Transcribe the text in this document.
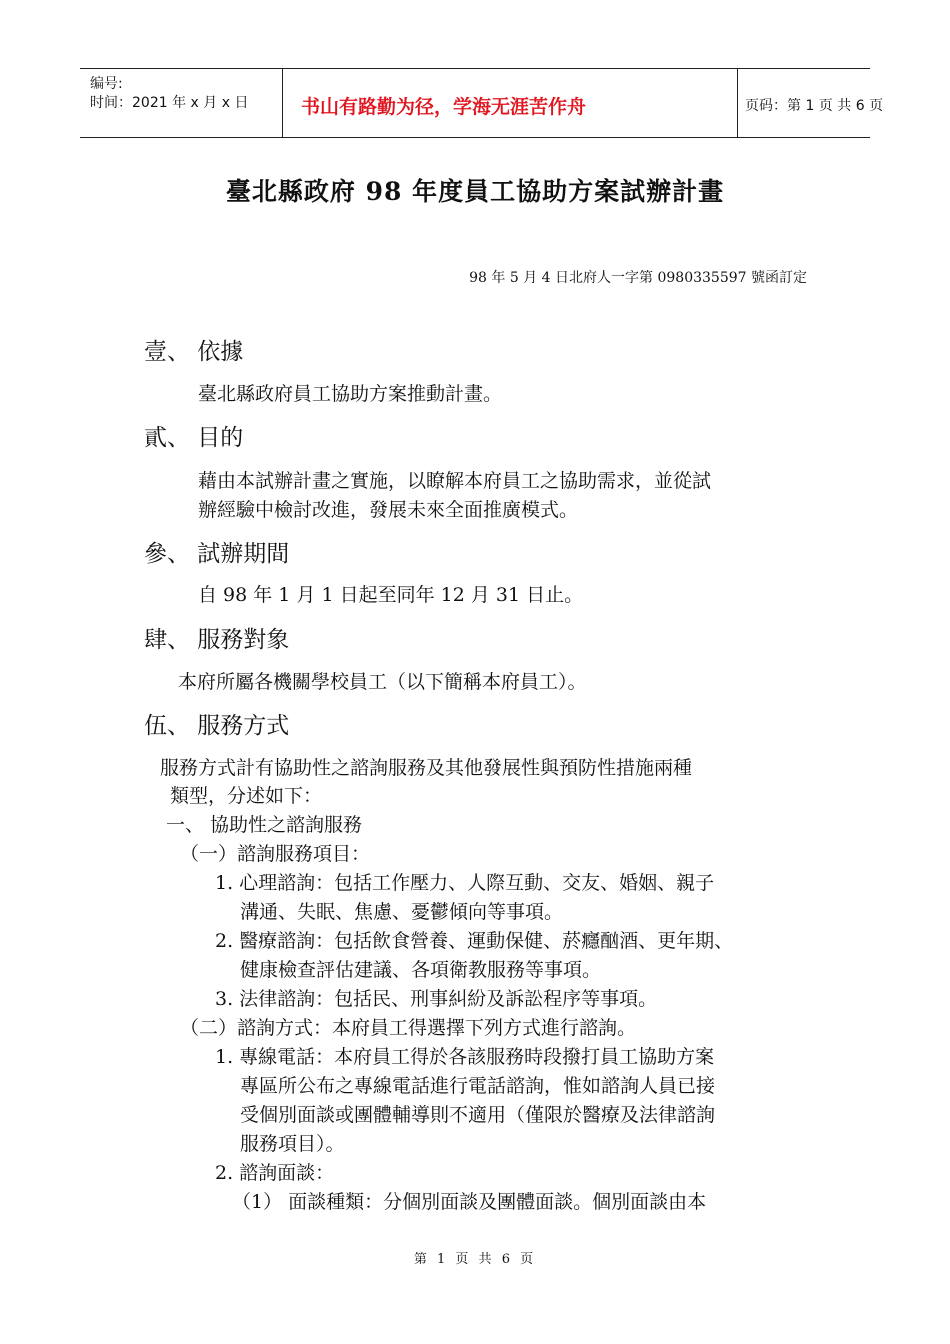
编号:
时间：2021 年 x 月 x 日	书山有路勤为径，学海无涯苦作舟	页码：第 1 页 共 6 页
臺北縣政府 98 年度員工協助方案試辦計畫
98 年 5 月 4 日北府人一字第 0980335597 號函訂定
壹、 依據
臺北縣政府員工協助方案推動計畫。
貳、 目的
藉由本試辦計畫之實施，以瞭解本府員工之協助需求，並從試
辦經驗中檢討改進，發展未來全面推廣模式。
參、 試辦期間
自 98 年 1 月 1 日起至同年 12 月 31 日止。
肆、 服務對象
本府所屬各機關學校員工（以下簡稱本府員工）。
伍、 服務方式
服務方式計有協助性之諮詢服務及其他發展性與預防性措施兩種
類型，分述如下：
一、 協助性之諮詢服務
（一）諮詢服務項目：
1. 心理諮詢：包括工作壓力、人際互動、交友、婚姻、親子
溝通、失眠、焦慮、憂鬱傾向等事項。
2. 醫療諮詢：包括飲食營養、運動保健、菸癮酗酒、更年期、
健康檢查評估建議、各項衛教服務等事項。
3. 法律諮詢：包括民、刑事糾紛及訴訟程序等事項。
（二）諮詢方式：本府員工得選擇下列方式進行諮詢。
1. 專線電話：本府員工得於各該服務時段撥打員工協助方案
專區所公布之專線電話進行電話諮詢，惟如諮詢人員已接
受個別面談或團體輔導則不適用（僅限於醫療及法律諮詢
服務項目）。
2. 諮詢面談：
（1） 面談種類：分個別面談及團體面談。個別面談由本
第 1 页 共 6 页
